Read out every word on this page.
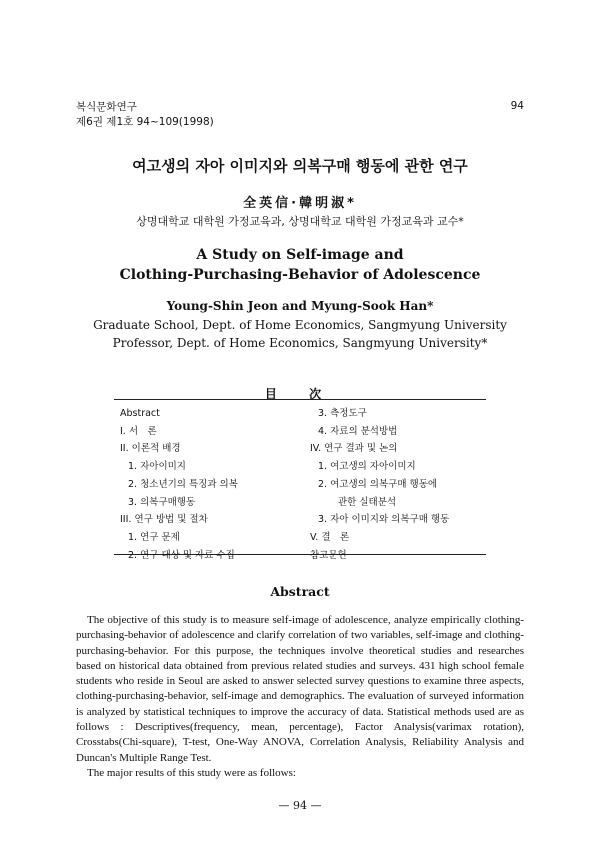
복식문화연구
제6권 제1호 94~109(1998)
94
여고생의 자아 이미지와 의복구매 행동에 관한 연구
全英信·韓明淑*
상명대학교 대학원 가정교육과, 상명대학교 대학원 가정교육과 교수*
A Study on Self-image and
Clothing-Purchasing-Behavior of Adolescence
Young-Shin Jeon and Myung-Sook Han*
Graduate School, Dept. of Home Economics, Sangmyung University
Professor, Dept. of Home Economics, Sangmyung University*
目 次
Abstract
I. 서　론
II. 이론적 배경
1. 자아이미지
2. 청소년기의 특징과 의복
3. 의복구매행동
III. 연구 방법 및 절차
1. 연구 문제
2. 연구 대상 및 자료 수집
3. 측정도구
4. 자료의 분석방법
IV. 연구 결과 및 논의
1. 여고생의 자아이미지
2. 여고생의 의복구매 행동에
관한 실태분석
3. 자아 이미지와 의복구매 행동
V. 결　론
참고문헌
Abstract

The objective of this study is to measure self-image of adolescence, analyze empirically clothing-purchasing-behavior of adolescence and clarify correlation of two variables, self-image and clothing-purchasing-behavior. For this purpose, the techniques involve theoretical studies and researches based on historical data obtained from previous related studies and surveys. 431 high school female students who reside in Seoul are asked to answer selected survey questions to examine three aspects, clothing-purchasing-behavior, self-image and demographics. The evaluation of surveyed information is analyzed by statistical techniques to improve the accuracy of data. Statistical methods used are as follows : Descriptives(frequency, mean, percentage), Factor Analysis(varimax rotation), Crosstabs(Chi-square), T-test, One-Way ANOVA, Correlation Analysis, Reliability Analysis and Duncan's Multiple Range Test.

The major results of this study were as follows:

— 94 —
